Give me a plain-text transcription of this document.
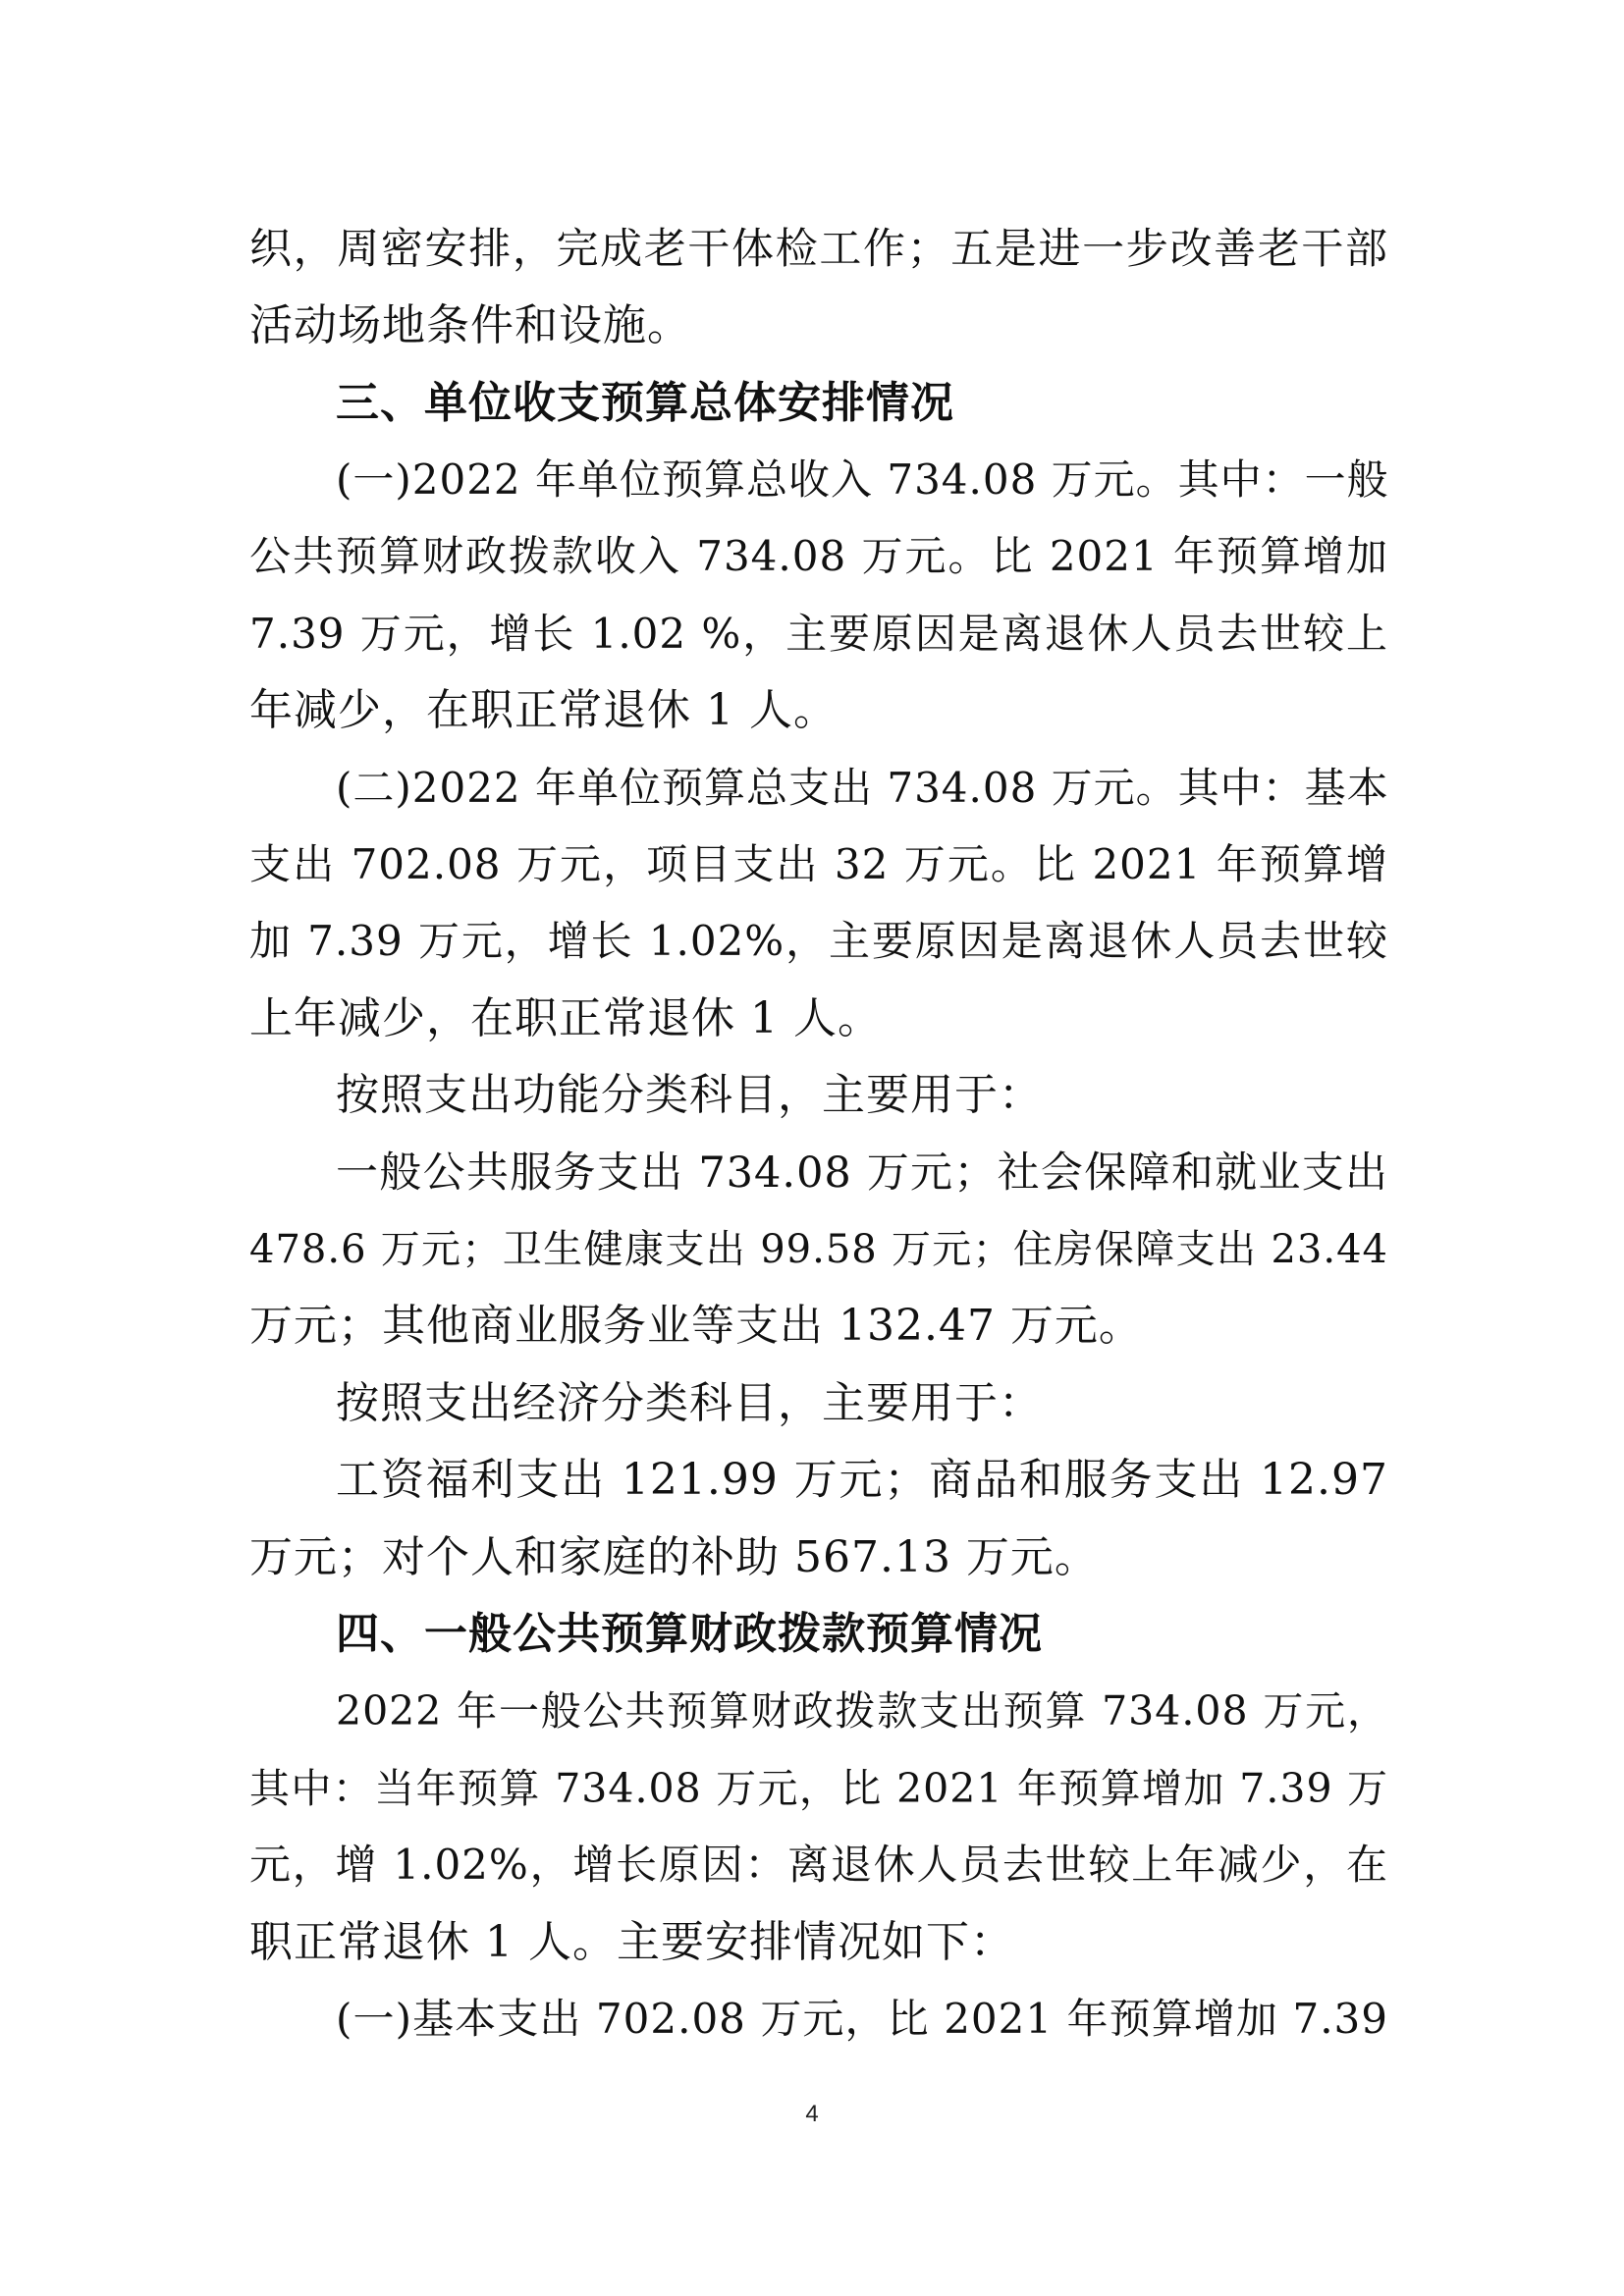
织，周密安排，完成老干体检工作；五是进一步改善老干部
活动场地条件和设施。
三、单位收支预算总体安排情况
(一)2022 年单位预算总收入 734.08 万元。其中：一般
公共预算财政拨款收入 734.08 万元。比 2021 年预算增加
7.39 万元，增长 1.02 %，主要原因是离退休人员去世较上
年减少，在职正常退休 1 人。
(二)2022 年单位预算总支出 734.08 万元。其中：基本
支出 702.08 万元，项目支出 32 万元。比 2021 年预算增
加 7.39 万元，增长 1.02%，主要原因是离退休人员去世较
上年减少，在职正常退休 1 人。
按照支出功能分类科目，主要用于：
一般公共服务支出 734.08 万元；社会保障和就业支出
478.6 万元；卫生健康支出 99.58 万元；住房保障支出 23.44
万元；其他商业服务业等支出 132.47 万元。
按照支出经济分类科目，主要用于：
工资福利支出 121.99 万元；商品和服务支出 12.97
万元；对个人和家庭的补助 567.13 万元。
四、一般公共预算财政拨款预算情况
2022 年一般公共预算财政拨款支出预算 734.08 万元，
其中：当年预算 734.08 万元，比 2021 年预算增加 7.39 万
元，增 1.02%，增长原因：离退休人员去世较上年减少，在
职正常退休 1 人。主要安排情况如下：
(一)基本支出 702.08 万元，比 2021 年预算增加 7.39
4
